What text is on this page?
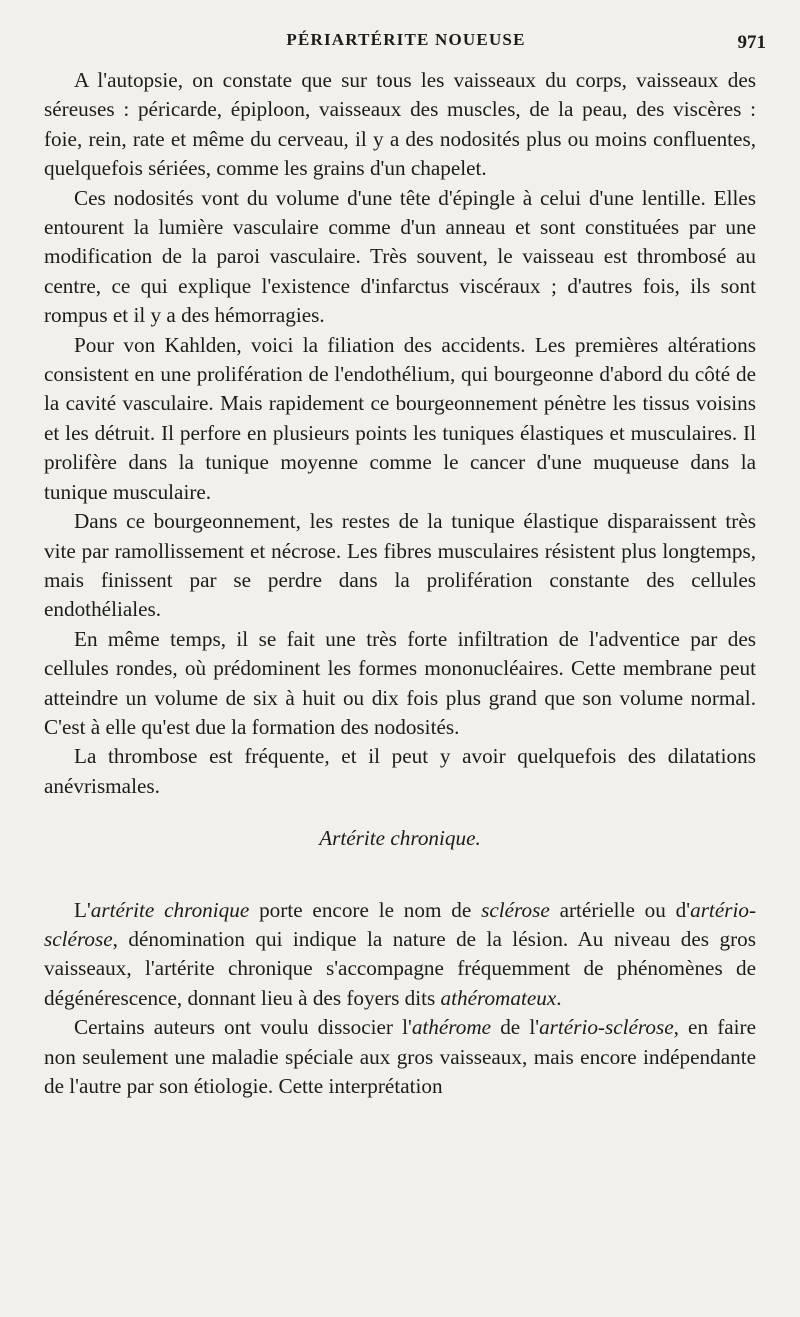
PÉRIARTÉRITE NOUEUSE	971

A l'autopsie, on constate que sur tous les vaisseaux du corps, vaisseaux des séreuses : péricarde, épiploon, vaisseaux des muscles, de la peau, des viscères : foie, rein, rate et même du cerveau, il y a des nodosités plus ou moins confluentes, quelquefois sériées, comme les grains d'un chapelet.

Ces nodosités vont du volume d'une tête d'épingle à celui d'une lentille. Elles entourent la lumière vasculaire comme d'un anneau et sont constituées par une modification de la paroi vasculaire. Très souvent, le vaisseau est thrombosé au centre, ce qui explique l'existence d'infarctus viscéraux ; d'autres fois, ils sont rompus et il y a des hémorragies.

Pour von Kahlden, voici la filiation des accidents. Les premières altérations consistent en une prolifération de l'endothélium, qui bourgeonne d'abord du côté de la cavité vasculaire. Mais rapidement ce bourgeonnement pénètre les tissus voisins et les détruit. Il perfore en plusieurs points les tuniques élastiques et musculaires. Il prolifère dans la tunique moyenne comme le cancer d'une muqueuse dans la tunique musculaire.

Dans ce bourgeonnement, les restes de la tunique élastique disparaissent très vite par ramollissement et nécrose. Les fibres musculaires résistent plus longtemps, mais finissent par se perdre dans la prolifération constante des cellules endothéliales.

En même temps, il se fait une très forte infiltration de l'adventice par des cellules rondes, où prédominent les formes mononucléaires. Cette membrane peut atteindre un volume de six à huit ou dix fois plus grand que son volume normal. C'est à elle qu'est due la formation des nodosités.

La thrombose est fréquente, et il peut y avoir quelquefois des dilatations anévrismales.

Artérite chronique.

L'artérite chronique porte encore le nom de sclérose artérielle ou d'artério-sclérose, dénomination qui indique la nature de la lésion. Au niveau des gros vaisseaux, l'artérite chronique s'accompagne fréquemment de phénomènes de dégénérescence, donnant lieu à des foyers dits athéromateux.

Certains auteurs ont voulu dissocier l'athérome de l'artério-sclérose, en faire non seulement une maladie spéciale aux gros vaisseaux, mais encore indépendante de l'autre par son étiologie. Cette interprétation
